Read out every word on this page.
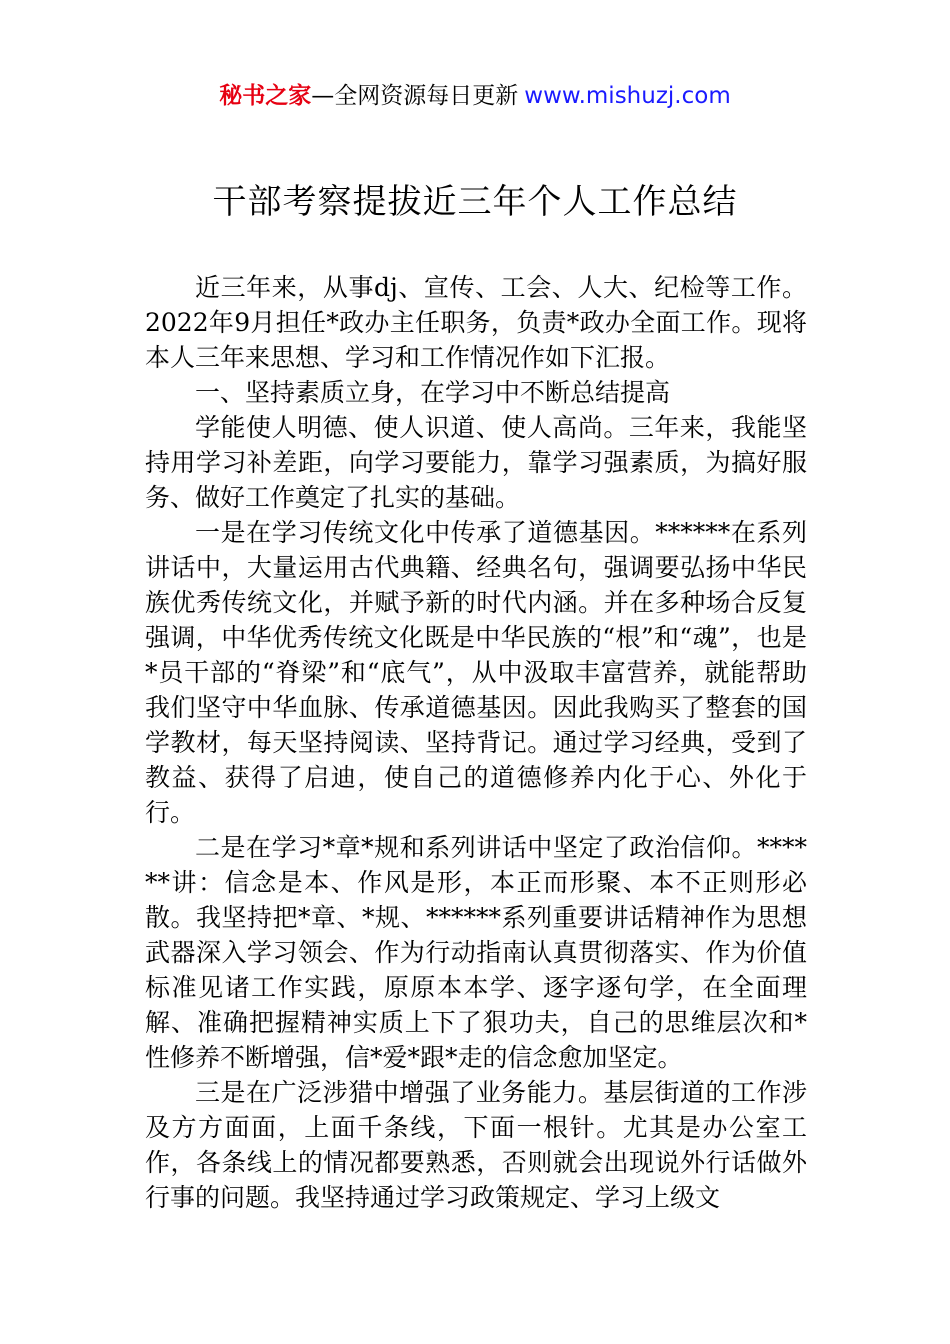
秘书之家—全网资源每日更新 www.mishuzj.com
干部考察提拔近三年个人工作总结

近三年来，从事dj、宣传、工会、人大、纪检等工作。2022年9月担任*政办主任职务，负责*政办全面工作。现将本人三年来思想、学习和工作情况作如下汇报。

一、坚持素质立身，在学习中不断总结提高

学能使人明德、使人识道、使人高尚。三年来，我能坚持用学习补差距，向学习要能力，靠学习强素质，为搞好服务、做好工作奠定了扎实的基础。

一是在学习传统文化中传承了道德基因。******在系列讲话中，大量运用古代典籍、经典名句，强调要弘扬中华民族优秀传统文化，并赋予新的时代内涵。并在多种场合反复强调，中华优秀传统文化既是中华民族的“根”和“魂”，也是*员干部的“脊梁”和“底气”，从中汲取丰富营养，就能帮助我们坚守中华血脉、传承道德基因。因此我购买了整套的国学教材，每天坚持阅读、坚持背记。通过学习经典，受到了教益、获得了启迪，使自己的道德修养内化于心、外化于行。

二是在学习*章*规和系列讲话中坚定了政治信仰。******讲：信念是本、作风是形，本正而形聚、本不正则形必散。我坚持把*章、*规、******系列重要讲话精神作为思想武器深入学习领会、作为行动指南认真贯彻落实、作为价值标准见诸工作实践，原原本本学、逐字逐句学，在全面理解、准确把握精神实质上下了狠功夫，自己的思维层次和*性修养不断增强，信*爱*跟*走的信念愈加坚定。

三是在广泛涉猎中增强了业务能力。基层街道的工作涉及方方面面，上面千条线，下面一根针。尤其是办公室工作，各条线上的情况都要熟悉，否则就会出现说外行话做外行事的问题。我坚持通过学习政策规定、学习上级文
